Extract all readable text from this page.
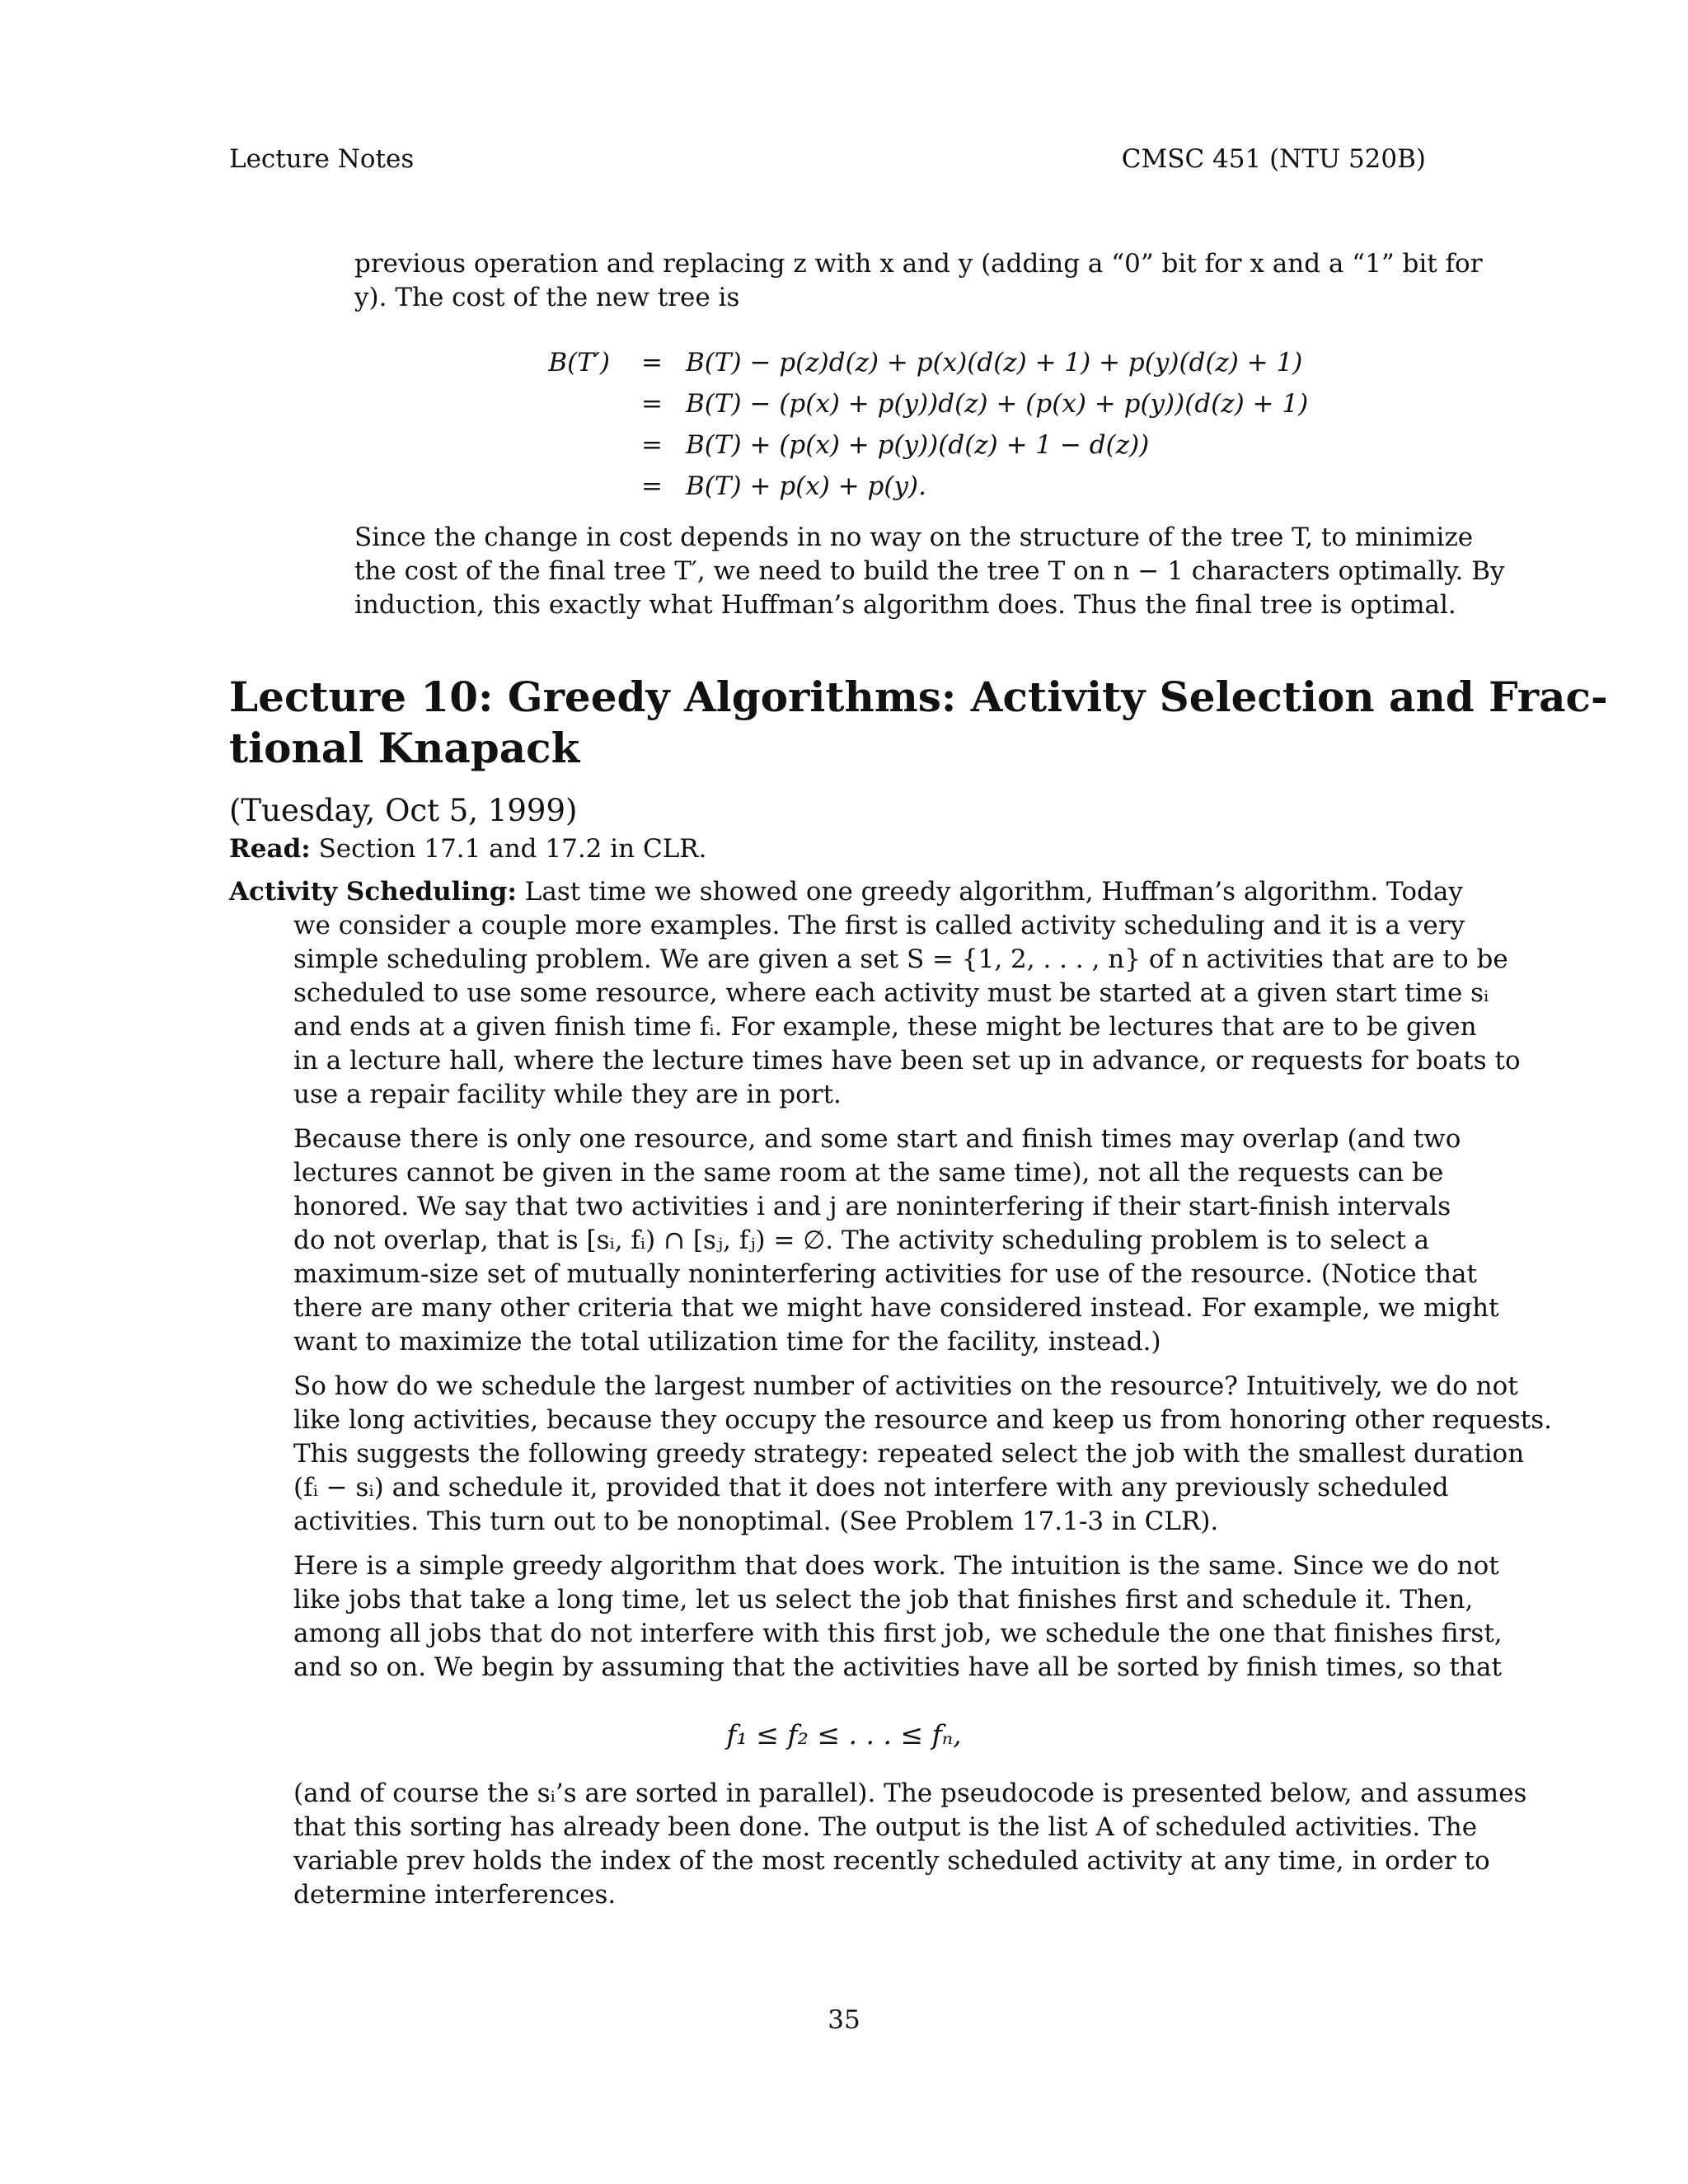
Lecture Notes	CMSC 451 (NTU 520B)
previous operation and replacing z with x and y (adding a “0” bit for x and a “1” bit for
y). The cost of the new tree is
B(T′) = B(T) − p(z)d(z) + p(x)(d(z) + 1) + p(y)(d(z) + 1)
= B(T) − (p(x) + p(y))d(z) + (p(x) + p(y))(d(z) + 1)
= B(T) + (p(x) + p(y))(d(z) + 1 − d(z))
= B(T) + p(x) + p(y).
Since the change in cost depends in no way on the structure of the tree T, to minimize
the cost of the final tree T′, we need to build the tree T on n − 1 characters optimally. By
induction, this exactly what Huffman’s algorithm does. Thus the final tree is optimal.
Lecture 10: Greedy Algorithms: Activity Selection and Frac-
tional Knapack
(Tuesday, Oct 5, 1999)
Read: Section 17.1 and 17.2 in CLR.
Activity Scheduling: Last time we showed one greedy algorithm, Huffman’s algorithm. Today
we consider a couple more examples. The first is called activity scheduling and it is a very
simple scheduling problem. We are given a set S = {1, 2, . . . , n} of n activities that are to be
scheduled to use some resource, where each activity must be started at a given start time sᵢ
and ends at a given finish time fᵢ. For example, these might be lectures that are to be given
in a lecture hall, where the lecture times have been set up in advance, or requests for boats to
use a repair facility while they are in port.
Because there is only one resource, and some start and finish times may overlap (and two
lectures cannot be given in the same room at the same time), not all the requests can be
honored. We say that two activities i and j are noninterfering if their start-finish intervals
do not overlap, that is [sᵢ, fᵢ) ∩ [sⱼ, fⱼ) = ∅. The activity scheduling problem is to select a
maximum-size set of mutually noninterfering activities for use of the resource. (Notice that
there are many other criteria that we might have considered instead. For example, we might
want to maximize the total utilization time for the facility, instead.)
So how do we schedule the largest number of activities on the resource? Intuitively, we do not
like long activities, because they occupy the resource and keep us from honoring other requests.
This suggests the following greedy strategy: repeated select the job with the smallest duration
(fᵢ − sᵢ) and schedule it, provided that it does not interfere with any previously scheduled
activities. This turn out to be nonoptimal. (See Problem 17.1-3 in CLR).
Here is a simple greedy algorithm that does work. The intuition is the same. Since we do not
like jobs that take a long time, let us select the job that finishes first and schedule it. Then,
among all jobs that do not interfere with this first job, we schedule the one that finishes first,
and so on. We begin by assuming that the activities have all be sorted by finish times, so that
f₁ ≤ f₂ ≤ . . . ≤ fₙ,
(and of course the sᵢ’s are sorted in parallel). The pseudocode is presented below, and assumes
that this sorting has already been done. The output is the list A of scheduled activities. The
variable prev holds the index of the most recently scheduled activity at any time, in order to
determine interferences.
35
